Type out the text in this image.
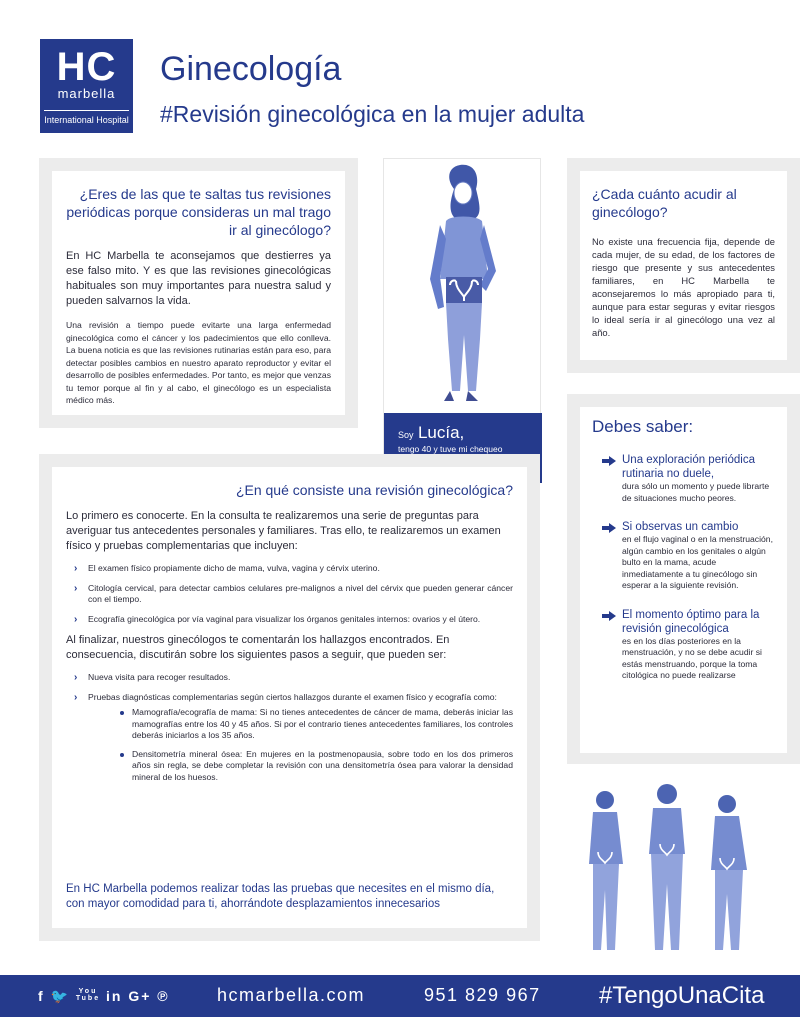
HC
marbella
International Hospital
Ginecología
#Revisión ginecológica en la mujer adulta
¿Eres de las que te saltas tus revisiones periódicas porque consideras un mal trago ir al ginecólogo?

En HC Marbella te aconsejamos que destierres ya ese falso mito. Y es que las revisiones ginecológicas habituales son muy importantes para nuestra salud y pueden salvarnos la vida.

Una revisión a tiempo puede evitarte una larga enfermedad ginecológica como el cáncer y los padecimientos que ello conlleva. La buena noticia es que las revisiones rutinarias están para eso, para detectar posibles cambios en nuestro aparato reproductor y evitar el desarrollo de posibles enfermedades. Por tanto, es mejor que venzas tu temor porque al fin y al cabo, el ginecólogo es un especialista médico más.

Soy Lucía,
tengo 40 y tuve mi chequeo
¿Cada cuánto acudir al ginecólogo?

No existe una frecuencia fija, depende de cada mujer, de su edad, de los factores de riesgo que presente y sus antecedentes familiares, en HC Marbella te aconsejaremos lo más apropiado para ti, aunque para estar seguras y evitar riesgos lo ideal sería ir al ginecólogo una vez al año.

Debes saber:
Una exploración periódica rutinaria no duele,
dura sólo un momento y puede librarte de situaciones mucho peores.
Si observas un cambio
en el flujo vaginal o en la menstruación, algún cambio en los genitales o algún bulto en la mama, acude inmediatamente a tu ginecólogo sin esperar a la siguiente revisión.
El momento óptimo para la revisión ginecológica
es en los días posteriores en la menstruación, y no se debe acudir si estás menstruando, porque la toma citológica no puede realizarse
¿En qué consiste una revisión ginecológica?

Lo primero es conocerte. En la consulta te realizaremos una serie de preguntas para averiguar tus antecedentes personales y familiares. Tras ello, te realizaremos un examen físico y pruebas complementarias que incluyen:

› El examen físico propiamente dicho de mama, vulva, vagina y cérvix uterino.
› Citología cervical, para detectar cambios celulares pre-malignos a nivel del cérvix que pueden generar cáncer con el tiempo.
› Ecografía ginecológica por vía vaginal para visualizar los órganos genitales internos: ovarios y el útero.

Al finalizar, nuestros ginecólogos te comentarán los hallazgos encontrados. En consecuencia, discutirán sobre los siguientes pasos a seguir, que pueden ser:

› Nueva visita para recoger resultados.
› Pruebas diagnósticas complementarias según ciertos hallazgos durante el examen físico y ecografía como:
Mamografía/ecografía de mama: Si no tienes antecedentes de cáncer de mama, deberás iniciar las mamografías entre los 40 y 45 años. Si por el contrario tienes antecedentes familiares, los controles deberás iniciarlos a los 35 años.
Densitometría mineral ósea: En mujeres en la postmenopausia, sobre todo en los dos primeros años sin regla, se debe completar la revisión con una densitometría ósea para valorar la densidad mineral de los huesos.

En HC Marbella podemos realizar todas las pruebas que necesites en el mismo día, con mayor comodidad para ti, ahorrándote desplazamientos innecesarios

f 🐦 You
Tube in G+ ℗	hcmarbella.com	951 829 967 #TengoUnaCita
